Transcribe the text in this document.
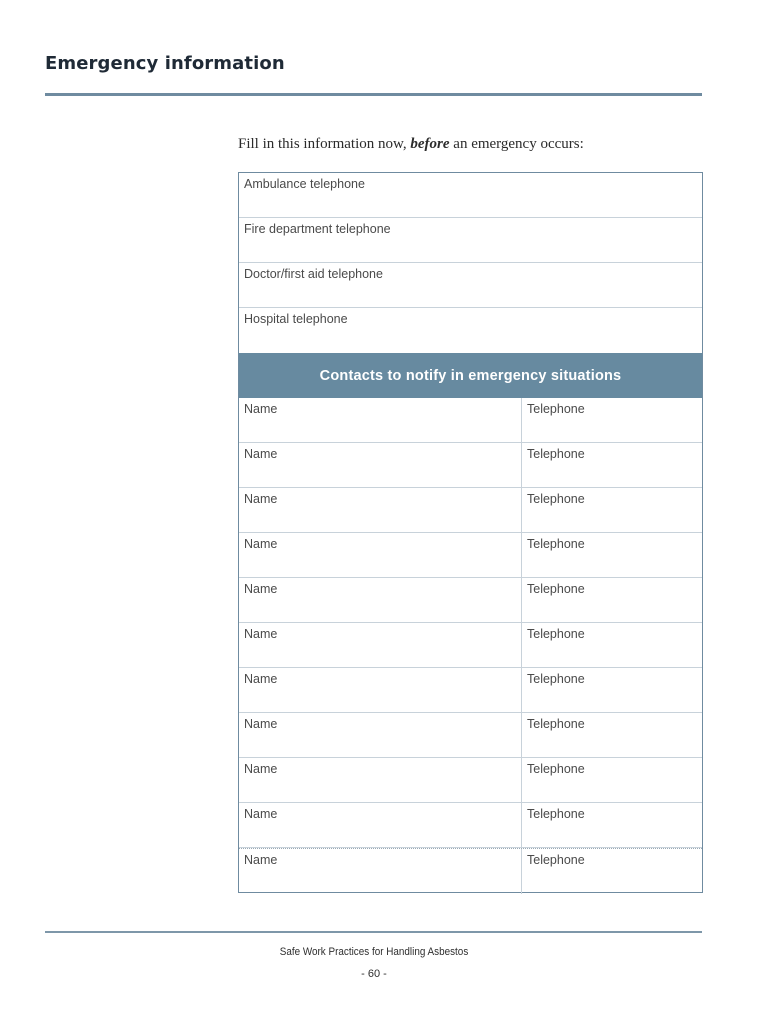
Emergency information
Fill in this information now, before an emergency occurs:
Ambulance telephone
Fire department telephone
Doctor/first aid telephone
Hospital telephone
Contacts to notify in emergency situations
Name	Telephone
Name	Telephone
Name	Telephone
Name	Telephone
Name	Telephone
Name	Telephone
Name	Telephone
Name	Telephone
Name	Telephone
Name	Telephone
Name	Telephone
Safe Work Practices for Handling Asbestos
- 60 -
